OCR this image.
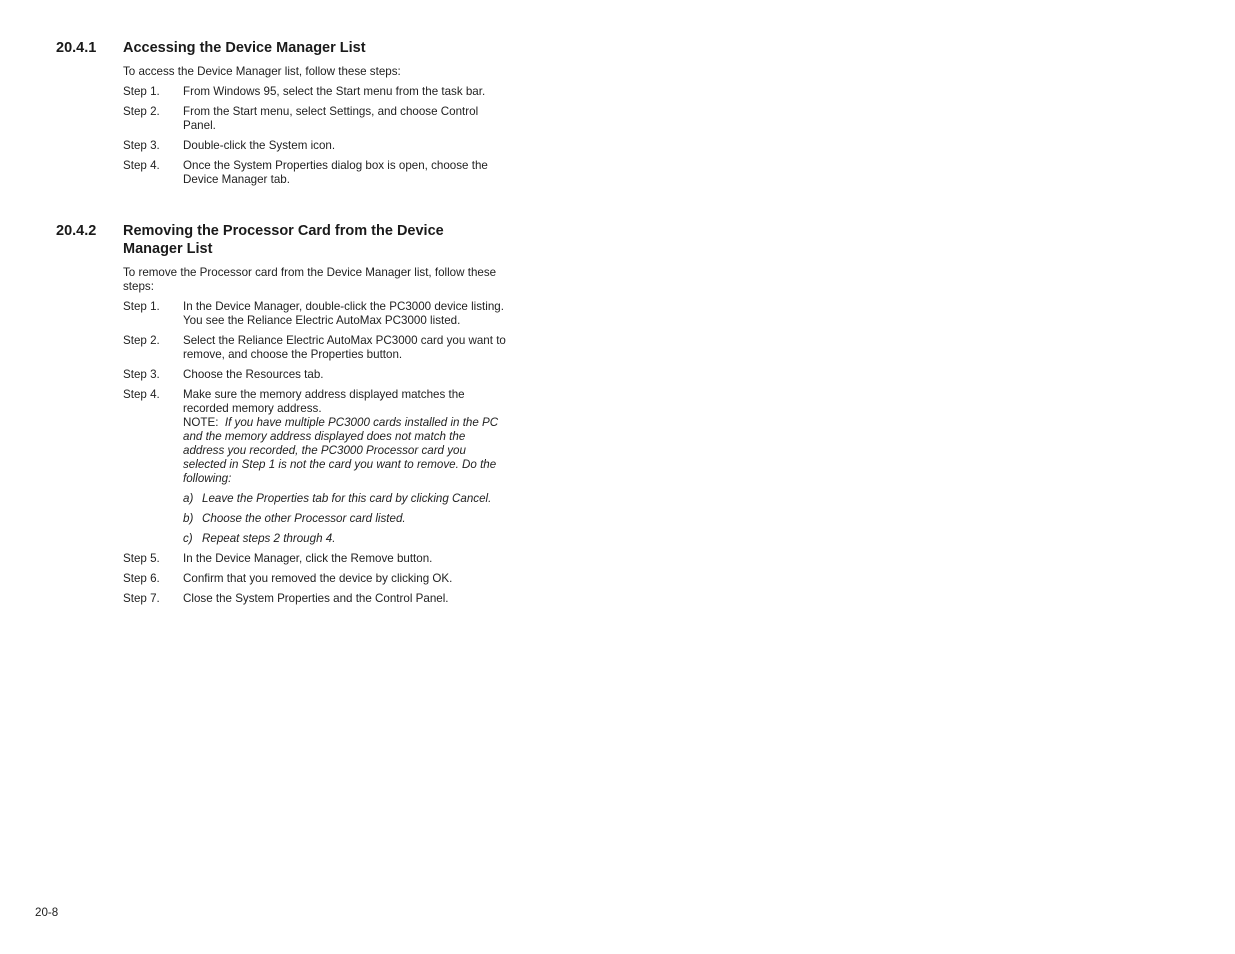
20.4.1	Accessing the Device Manager List
To access the Device Manager list, follow these steps:
Step 1.	From Windows 95, select the Start menu from the task bar.
Step 2.	From the Start menu, select Settings, and choose Control Panel.
Step 3.	Double-click the System icon.
Step 4.	Once the System Properties dialog box is open, choose the Device Manager tab.
20.4.2	Removing the Processor Card from the Device Manager List
To remove the Processor card from the Device Manager list, follow these steps:
Step 1.	In the Device Manager, double-click the PC3000 device listing. You see the Reliance Electric AutoMax PC3000 listed.
Step 2.	Select the Reliance Electric AutoMax PC3000 card you want to remove, and choose the Properties button.
Step 3.	Choose the Resources tab.
Step 4.	Make sure the memory address displayed matches the recorded memory address.
NOTE: If you have multiple PC3000 cards installed in the PC and the memory address displayed does not match the address you recorded, the PC3000 Processor card you selected in Step 1 is not the card you want to remove. Do the following:
a) Leave the Properties tab for this card by clicking Cancel.
b) Choose the other Processor card listed.
c) Repeat steps 2 through 4.
Step 5.	In the Device Manager, click the Remove button.
Step 6.	Confirm that you removed the device by clicking OK.
Step 7.	Close the System Properties and the Control Panel.
20-8
